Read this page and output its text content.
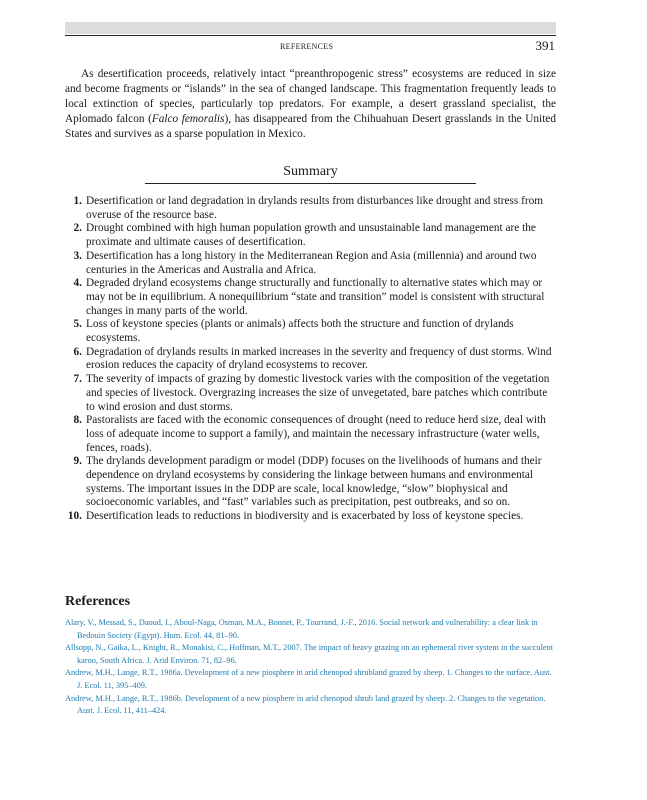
REFERENCES	391

As desertification proceeds, relatively intact “preanthropogenic stress” ecosystems are reduced in size and become fragments or “islands” in the sea of changed landscape. This fragmentation frequently leads to local extinction of species, particularly top predators. For example, a desert grassland specialist, the Aplomado falcon (Falco femoralis), has disappeared from the Chihuahuan Desert grasslands in the United States and survives as a sparse population in Mexico.

Summary
1. Desertification or land degradation in drylands results from disturbances like drought and stress from overuse of the resource base.
2. Drought combined with high human population growth and unsustainable land management are the proximate and ultimate causes of desertification.
3. Desertification has a long history in the Mediterranean Region and Asia (millennia) and around two centuries in the Americas and Australia and Africa.
4. Degraded dryland ecosystems change structurally and functionally to alternative states which may or may not be in equilibrium. A nonequilibrium “state and transition” model is consistent with structural changes in many parts of the world.
5. Loss of keystone species (plants or animals) affects both the structure and function of drylands ecosystems.
6. Degradation of drylands results in marked increases in the severity and frequency of dust storms. Wind erosion reduces the capacity of dryland ecosystems to recover.
7. The severity of impacts of grazing by domestic livestock varies with the composition of the vegetation and species of livestock. Overgrazing increases the size of unvegetated, bare patches which contribute to wind erosion and dust storms.
8. Pastoralists are faced with the economic consequences of drought (need to reduce herd size, deal with loss of adequate income to support a family), and maintain the necessary infrastructure (water wells, fences, roads).
9. The drylands development paradigm or model (DDP) focuses on the livelihoods of humans and their dependence on dryland ecosystems by considering the linkage between humans and environmental systems. The important issues in the DDP are scale, local knowledge, “slow” biophysical and socioeconomic variables, and “fast” variables such as precipitation, pest outbreaks, and so on.
10. Desertification leads to reductions in biodiversity and is exacerbated by loss of keystone species.
References
Alary, V., Messad, S., Daoud, I., Aboul-Naga, Osman, M.A., Bonnet, P., Tourrand, J.-F., 2016. Social network and vulnerability: a clear link in Bedouin Society (Egypt). Hum. Ecol. 44, 81–90.
Allsopp, N., Gaika, L., Knight, R., Monakisi, C., Hoffman, M.T., 2007. The impact of heavy grazing on an ephemeral river system in the succulent karoo, South Africa. J. Arid Environ. 71, 82–96.
Andrew, M.H., Lange, R.T., 1986a. Development of a new piosphere in arid chenopod shrubland grazed by sheep. 1. Changes to the surface. Aust. J. Ecol. 11, 395–409.
Andrew, M.H., Lange, R.T., 1986b. Development of a new piosphere in arid chenopod shrub land grazed by sheep. 2. Changes to the vegetation. Aust. J. Ecol. 11, 411–424.
